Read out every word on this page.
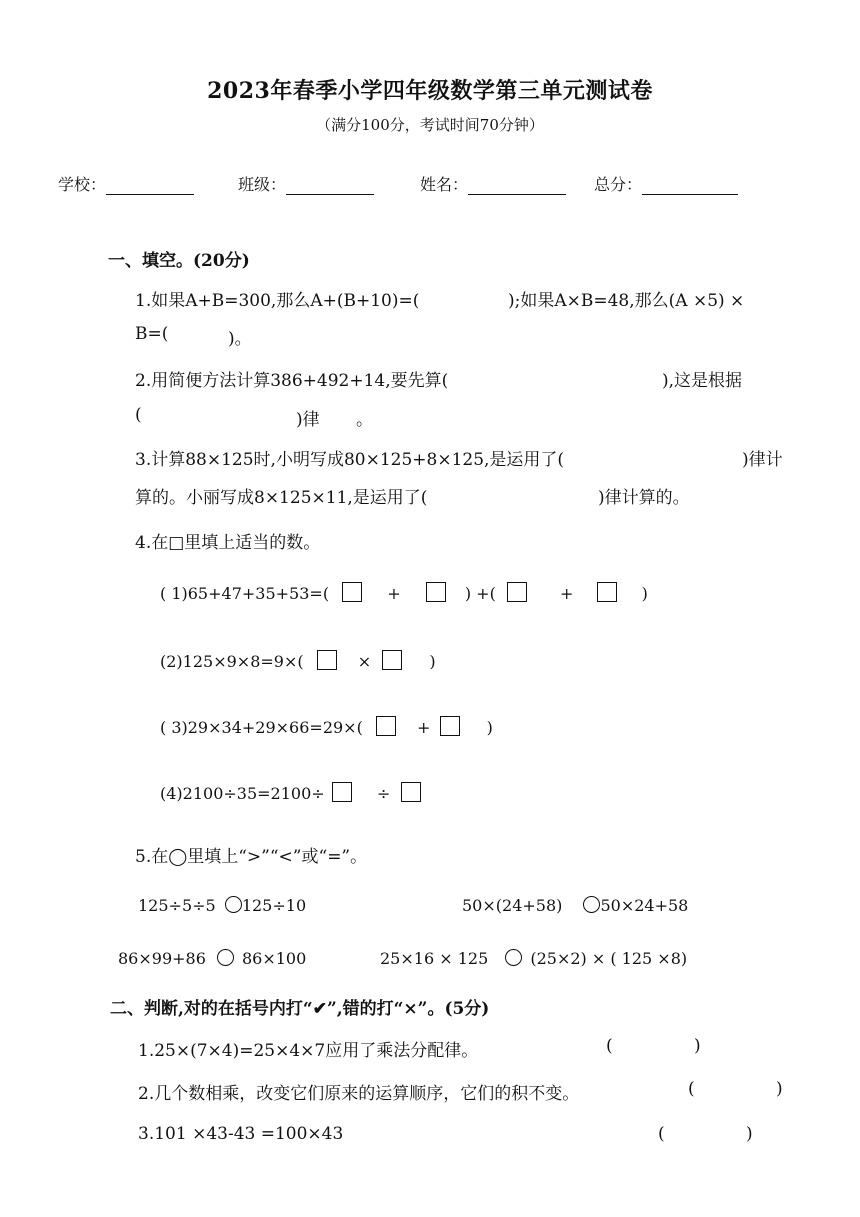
2023年春季小学四年级数学第三单元测试卷
（满分100分，考试时间70分钟）
学校：	班级：	姓名：	总分：
一、填空。(20分)
1.如果A+B=300,那么A+(B+10)=(	);如果A×B=48,那么(A ×5) ×
B=(	)。
2.用简便方法计算386+492+14,要先算(	),这是根据
(	)律 。
3.计算88×125时,小明写成80×125+8×125,是运用了(	)律计
算的。小丽写成8×125×11,是运用了(	)律计算的。
4.在□里填上适当的数。
( 1)65+47+35+53=(	+	) +(	+	)
(2)125×9×8=9×(	×	)
( 3)29×34+29×66=29×(	+	)
(4)2100÷35=2100÷	÷
5.在◯里填上“>”“<”或“=”。
125÷5÷5 125÷10	50×(24+58) 50×24+58
86×99+86 86×100	25×16 × 125	(25×2) × ( 125 ×8)
二、判断,对的在括号内打“✔”,错的打“×”。(5分)
1.25×(7×4)=25×4×7应用了乘法分配律。	(	)
2.几个数相乘，改变它们原来的运算顺序，它们的积不变。	(	)
3.101 ×43-43 =100×43	(	)
